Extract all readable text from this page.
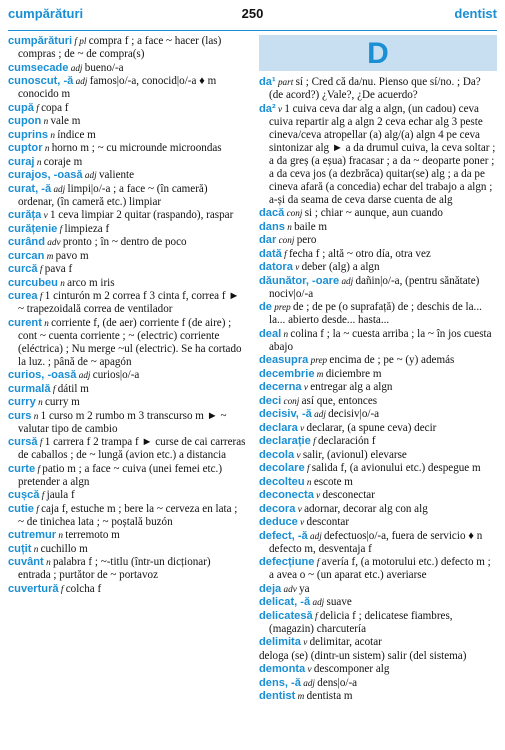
cumpărături	250	dentist
cumpărături f pl compra f ; a face ~ hacer (las) compras ; de ~ de compra(s)
cumsecade adj bueno/-a
cunoscut, -ă adj famos|o/-a, conocid|o/-a ♦ m conocido m
cupă f copa f
cupon n vale m
cuprins n índice m
cuptor n horno m ; ~ cu microunde microondas
curaj n coraje m
curajos, -oasă adj valiente
curat, -ă adj limpi|o/-a ; a face ~ (în cameră) ordenar, (în cameră etc.) limpiar
curăța v 1 ceva limpiar 2 quitar (raspando), raspar
curățenie f limpieza f
curând adv pronto ; în ~ dentro de poco
curcan m pavo m
curcă f pava f
curcubeu n arco m iris
curea f 1 cinturón m 2 correa f 3 cinta f, correa f ► ~ trapezoidală correa de ventilador
curent n corriente f, (de aer) corriente f (de aire) ; cont ~ cuenta corriente ; ~ (electric) corriente (eléctrica) ; Nu merge ~ul (electric). Se ha cortado la luz. ; până de ~ apagón
curios, -oasă adj curios|o/-a
curmală f dátil m
curry n curry m
curs n 1 curso m 2 rumbo m 3 transcurso m ► ~ valutar tipo de cambio
cursă f 1 carrera f 2 trampa f ► curse de cai carreras de caballos ; de ~ lungă (avion etc.) a distancia
curte f patio m ; a face ~ cuiva (unei femei etc.) pretender a algn
cușcă f jaula f
cutie f caja f, estuche m ; bere la ~ cerveza en lata ; ~ de tinichea lata ; ~ poștală buzón
cutremur n terremoto m
cuțit n cuchillo m
cuvânt n palabra f ; ~-titlu (într-un dicționar) entrada ; purtător de ~ portavoz
cuvertură f colcha f
D
da¹ part sí ; Cred că da/nu. Pienso que sí/no. ; Da? (de acord?) ¿Vale?, ¿De acuerdo?
da² v 1 cuiva ceva dar alg a algn, (un cadou) ceva cuiva repartir alg a algn 2 ceva echar alg 3 peste cineva/ceva atropellar (a) alg/(a) algn 4 pe ceva sintonizar alg ► a da drumul cuiva, la ceva soltar ; a da greș (a eșua) fracasar ; a da ~ deoparte poner ; a da ceva jos (a dezbrăca) quitar(se) alg ; a da pe cineva afară (a concedia) echar del trabajo a algn ; a-și da seama de ceva darse cuenta de alg
dacă conj si ; chiar ~ aunque, aun cuando
dans n baile m
dar conj pero
dată f fecha f ; altă ~ otro día, otra vez
datora v deber (alg) a algn
dăunător, -oare adj dañin|o/-a, (pentru sănătate) nociv|o/-a
de prep de ; de pe (o suprafață) de ; deschis de la... la... abierto desde... hasta...
deal n colina f ; la ~ cuesta arriba ; la ~ în jos cuesta abajo
deasupra prep encima de ; pe ~ (y) además
decembrie m diciembre m
decerna v entregar alg a algn
deci conj así que, entonces
decisiv, -ă adj decisiv|o/-a
declara v declarar, (a spune ceva) decir
declarație f declaración f
decola v salir, (avionul) elevarse
decolare f salida f, (a avionului etc.) despegue m
decolteu n escote m
deconecta v desconectar
decora v adornar, decorar alg con alg
deduce v descontar
defect, -ă adj defectuos|o/-a, fuera de servicio ♦ n defecto m, desventaja f
defecțiune f avería f, (a motorului etc.) defecto m ; a avea o ~ (un aparat etc.) averiarse
deja adv ya
delicat, -ă adj suave
delicatesă f delicia f ; delicatese fiambres, (magazin) charcutería
delimita v delimitar, acotar
deloga (se) (dintr-un sistem) salir (del sistema)
demonta v descomponer alg
dens, -ă adj dens|o/-a
dentist m dentista m
